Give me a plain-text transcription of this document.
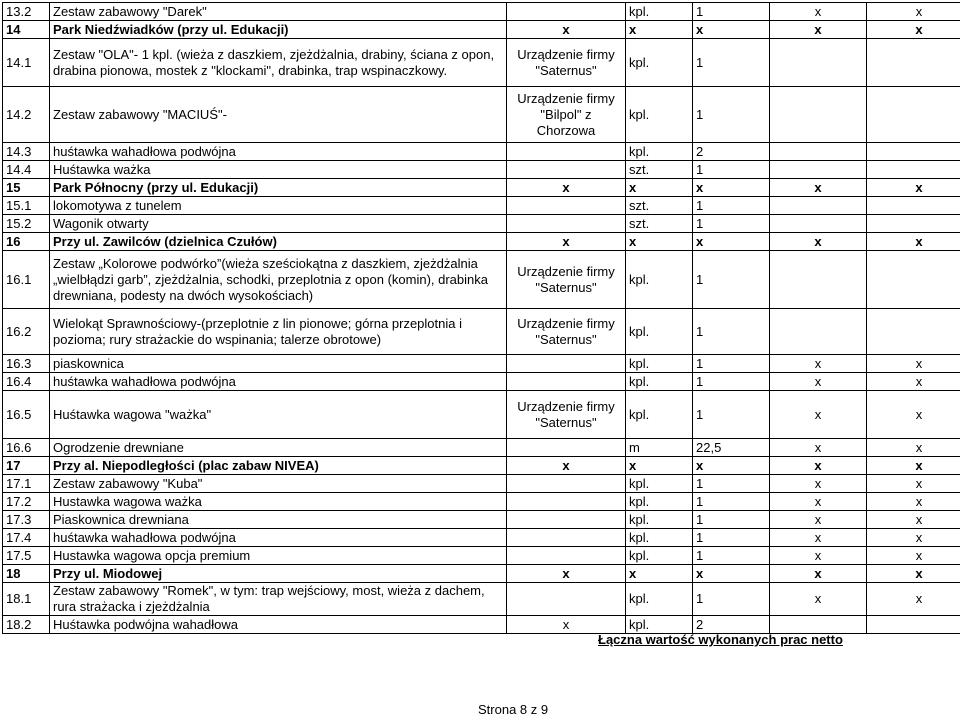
13.2	Zestaw zabawowy "Darek"		kpl.	1	x	x
14	Park Niedźwiadków (przy ul. Edukacji)	x	x	x	x	x
14.1	Zestaw "OLA"- 1 kpl. (wieża z daszkiem, zjeżdżalnia, drabiny, ściana z opon, drabina pionowa, mostek z "klockami", drabinka, trap wspinaczkowy.	Urządzenie firmy "Saternus"	kpl.	1		
14.2	Zestaw zabawowy "MACIUŚ"-	Urządzenie firmy "Bilpol" z Chorzowa	kpl.	1		
14.3	huśtawka wahadłowa podwójna		kpl.	2		
14.4	Huśtawka ważka		szt.	1		
15	Park Północny (przy ul. Edukacji)	x	x	x	x	x
15.1	lokomotywa z tunelem		szt.	1		
15.2	Wagonik otwarty		szt.	1		
16	Przy ul. Zawilców (dzielnica Czułów)	x	x	x	x	x
16.1	Zestaw „Kolorowe podwórko”(wieża sześciokątna z daszkiem, zjeżdżalnia „wielbłądzi garb”, zjeżdżalnia, schodki, przeplotnia z opon (komin), drabinka drewniana, podesty na dwóch wysokościach)	Urządzenie firmy "Saternus"	kpl.	1		
16.2	Wielokąt Sprawnościowy-(przeplotnie z lin pionowe; górna przeplotnia i pozioma; rury strażackie do wspinania; talerze obrotowe)	Urządzenie firmy "Saternus"	kpl.	1		
16.3	piaskownica		kpl.	1	x	x
16.4	huśtawka wahadłowa podwójna		kpl.	1	x	x
16.5	Huśtawka wagowa "ważka"	Urządzenie firmy "Saternus"	kpl.	1	x	x
16.6	Ogrodzenie drewniane		m	22,5	x	x
17	Przy al. Niepodległości (plac zabaw NIVEA)	x	x	x	x	x
17.1	Zestaw zabawowy "Kuba"		kpl.	1	x	x
17.2	Hustawka wagowa ważka		kpl.	1	x	x
17.3	Piaskownica drewniana		kpl.	1	x	x
17.4	huśtawka wahadłowa podwójna		kpl.	1	x	x
17.5	Hustawka wagowa opcja premium		kpl.	1	x	x
18	Przy ul. Miodowej	x	x	x	x	x
18.1	Zestaw zabawowy "Romek", w tym: trap wejściowy, most, wieża z dachem, rura strażacka i zjeżdżalnia		kpl.	1	x	x
18.2	Huśtawka podwójna wahadłowa	x	kpl.	2		
Łączna wartość wykonanych prac netto
Strona 8 z 9
